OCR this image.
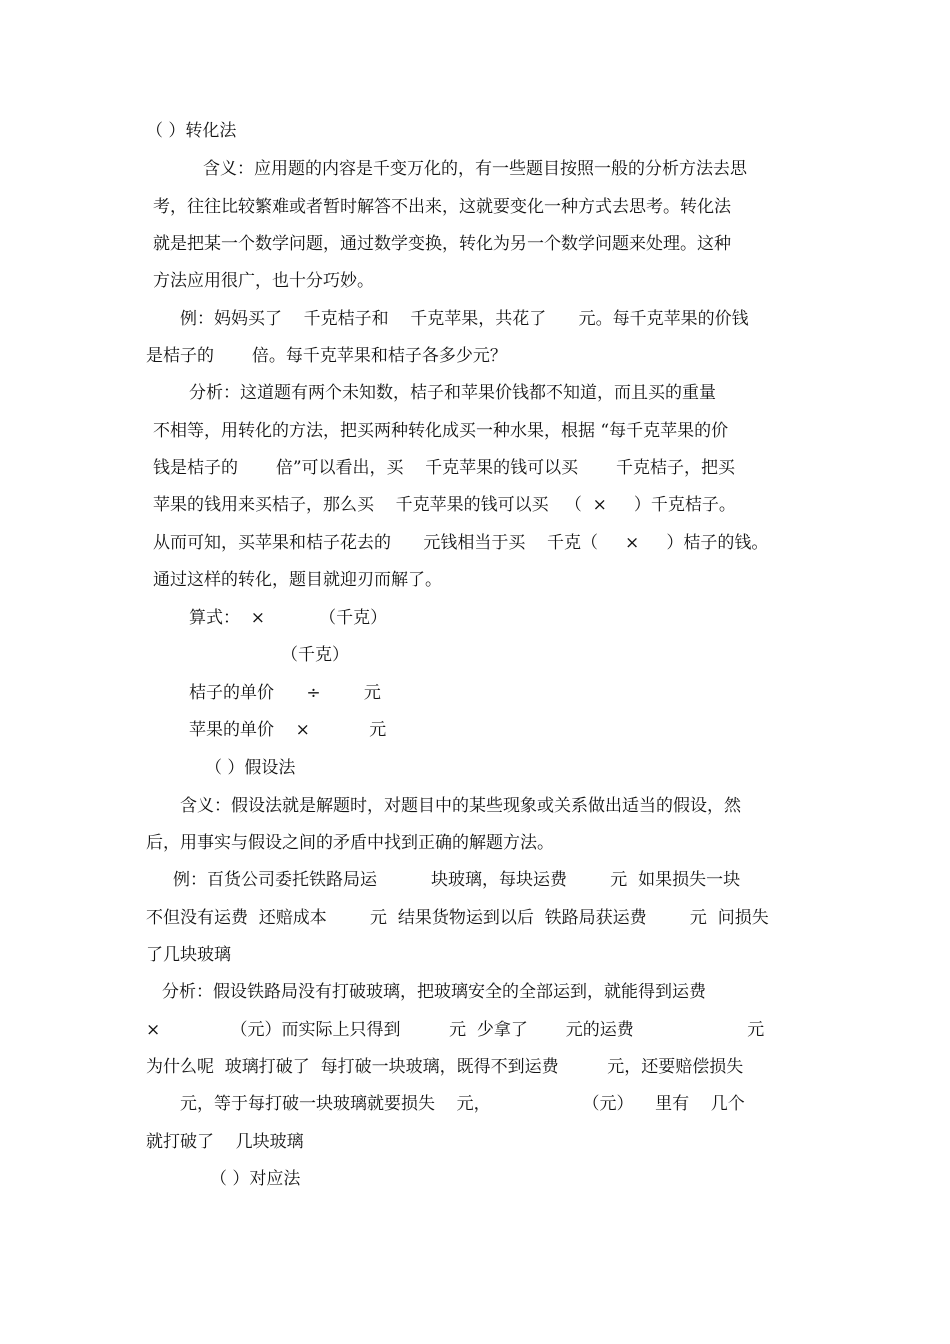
（ ）转化法

含义：应用题的内容是千变万化的，有一些题目按照一般的分析方法去思

考，往往比较繁难或者暂时解答不出来，这就要变化一种方式去思考。转化法

就是把某一个数学问题，通过数学变换，转化为另一个数学问题来处理。这种

方法应用很广，也十分巧妙。

例：妈妈买了    千克桔子和    千克苹果，共花了      元。每千克苹果的价钱

是桔子的       倍。每千克苹果和桔子各多少元？

分析：这道题有两个未知数，桔子和苹果价钱都不知道，而且买的重量

不相等，用转化的方法，把买两种转化成买一种水果，根据 “每千克苹果的价

钱是桔子的       倍”可以看出，买    千克苹果的钱可以买       千克桔子，把买

苹果的钱用来买桔子，那么买    千克苹果的钱可以买   （  ×     ）千克桔子。

从而可知，买苹果和桔子花去的      元钱相当于买    千克（     ×     ）桔子的钱。

通过这样的转化，题目就迎刃而解了。

算式：  ×          （千克）

（千克）

桔子的单价      ÷        元

苹果的单价    ×           元

（ ）假设法

含义：假设法就是解题时，对题目中的某些现象或关系做出适当的假设，然

后，用事实与假设之间的矛盾中找到正确的解题方法。

例：百货公司委托铁路局运          块玻璃，每块运费        元  如果损失一块

不但没有运费  还赔成本        元  结果货物运到以后  铁路局获运费        元  问损失

了几块玻璃

分析：假设铁路局没有打破玻璃，把玻璃安全的全部运到，就能得到运费

×             （元）而实际上只得到         元  少拿了       元的运费                     元

为什么呢  玻璃打破了  每打破一块玻璃，既得不到运费         元，还要赔偿损失

元，等于每打破一块玻璃就要损失    元，                 （元）    里有    几个

就打破了    几块玻璃

（ ）对应法
